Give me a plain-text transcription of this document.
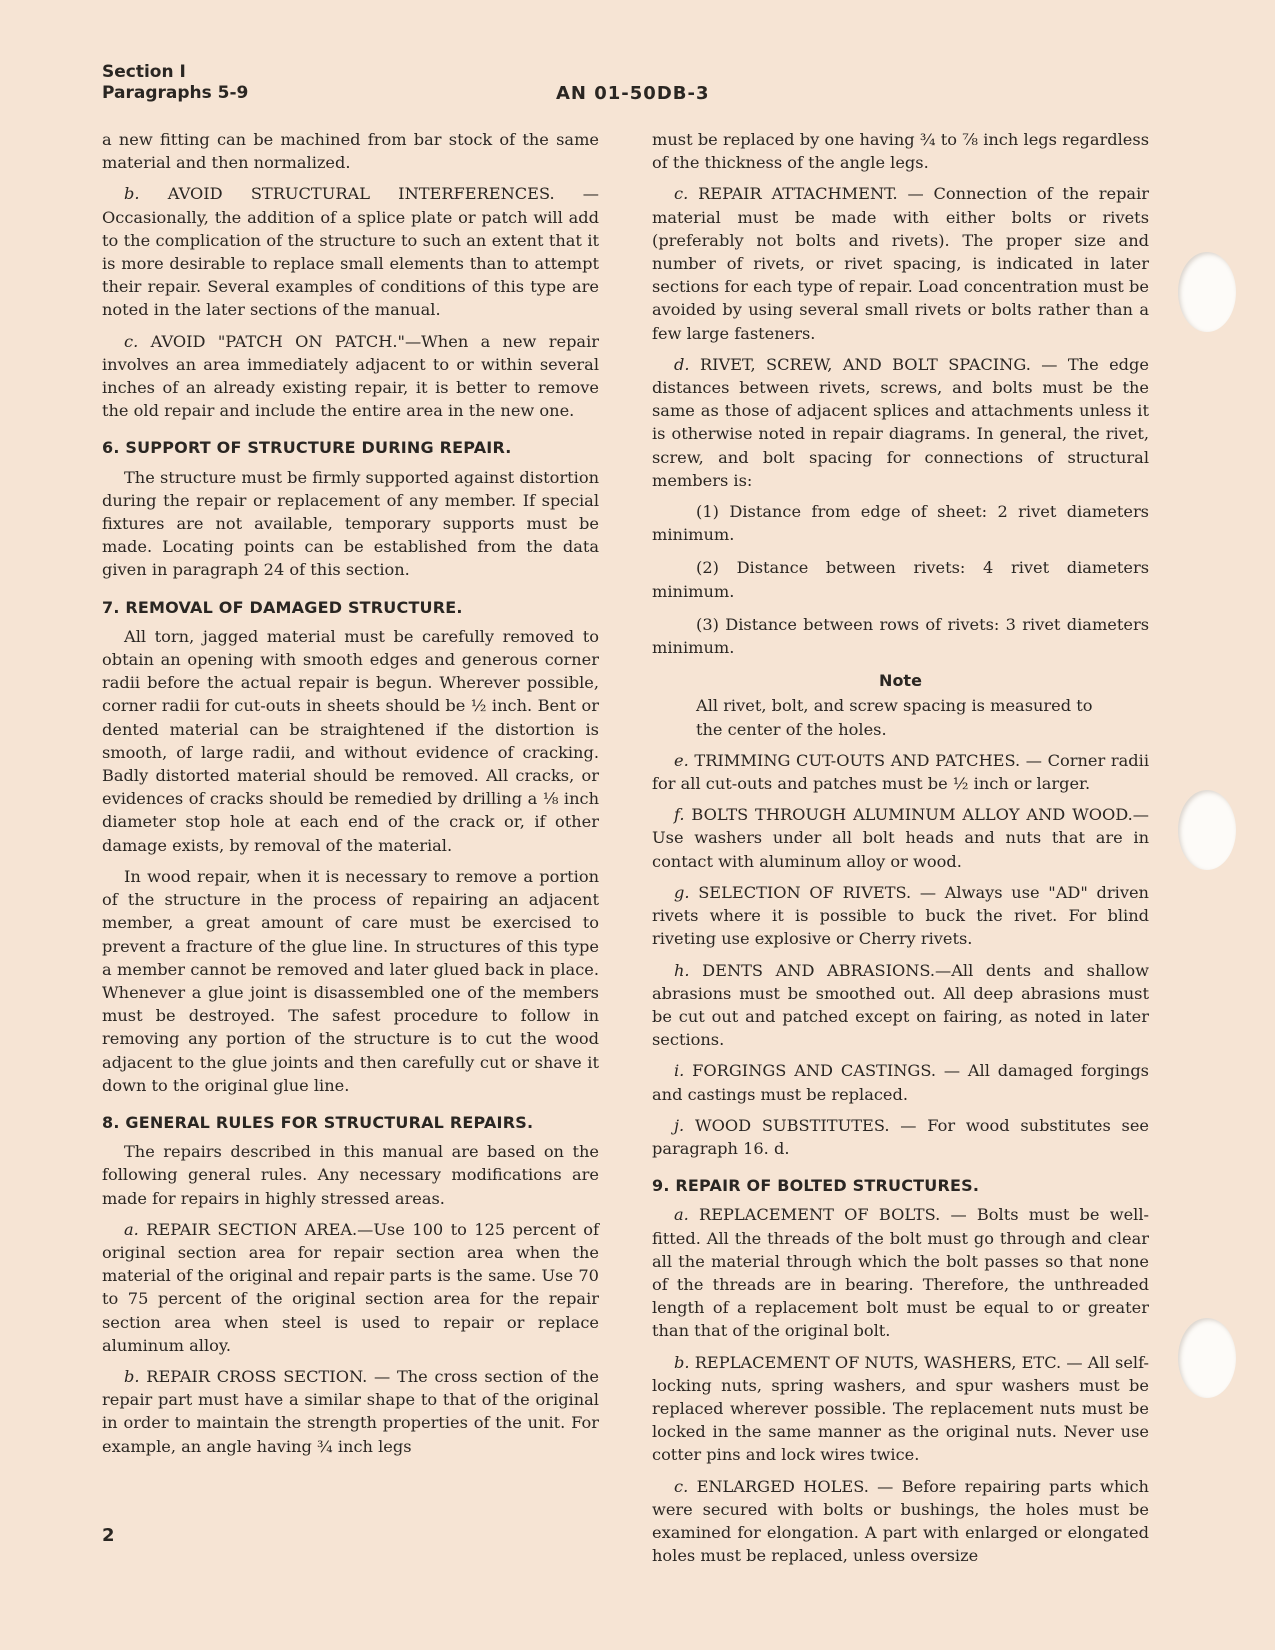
Section I
Paragraphs 5-9	AN 01-50DB-3

a new fitting can be machined from bar stock of the same material and then normalized.

b. AVOID STRUCTURAL INTERFERENCES. — Occasionally, the addition of a splice plate or patch will add to the complication of the structure to such an extent that it is more desirable to replace small elements than to attempt their repair. Several examples of conditions of this type are noted in the later sections of the manual.

c. AVOID "PATCH ON PATCH."—When a new repair involves an area immediately adjacent to or within several inches of an already existing repair, it is better to remove the old repair and include the entire area in the new one.

6. SUPPORT OF STRUCTURE DURING REPAIR.

The structure must be firmly supported against distortion during the repair or replacement of any member. If special fixtures are not available, temporary supports must be made. Locating points can be established from the data given in paragraph 24 of this section.

7. REMOVAL OF DAMAGED STRUCTURE.

All torn, jagged material must be carefully removed to obtain an opening with smooth edges and generous corner radii before the actual repair is begun. Wherever possible, corner radii for cut-outs in sheets should be ½ inch. Bent or dented material can be straightened if the distortion is smooth, of large radii, and without evidence of cracking. Badly distorted material should be removed. All cracks, or evidences of cracks should be remedied by drilling a ⅛ inch diameter stop hole at each end of the crack or, if other damage exists, by removal of the material.

In wood repair, when it is necessary to remove a portion of the structure in the process of repairing an adjacent member, a great amount of care must be exercised to prevent a fracture of the glue line. In structures of this type a member cannot be removed and later glued back in place. Whenever a glue joint is disassembled one of the members must be destroyed. The safest procedure to follow in removing any portion of the structure is to cut the wood adjacent to the glue joints and then carefully cut or shave it down to the original glue line.

8. GENERAL RULES FOR STRUCTURAL REPAIRS.

The repairs described in this manual are based on the following general rules. Any necessary modifications are made for repairs in highly stressed areas.

a. REPAIR SECTION AREA.—Use 100 to 125 percent of original section area for repair section area when the material of the original and repair parts is the same. Use 70 to 75 percent of the original section area for the repair section area when steel is used to repair or replace aluminum alloy.

b. REPAIR CROSS SECTION. — The cross section of the repair part must have a similar shape to that of the original in order to maintain the strength properties of the unit. For example, an angle having ¾ inch legs

must be replaced by one having ¾ to ⅞ inch legs regardless of the thickness of the angle legs.

c. REPAIR ATTACHMENT. — Connection of the repair material must be made with either bolts or rivets (preferably not bolts and rivets). The proper size and number of rivets, or rivet spacing, is indicated in later sections for each type of repair. Load concentration must be avoided by using several small rivets or bolts rather than a few large fasteners.

d. RIVET, SCREW, AND BOLT SPACING. — The edge distances between rivets, screws, and bolts must be the same as those of adjacent splices and attachments unless it is otherwise noted in repair diagrams. In general, the rivet, screw, and bolt spacing for connections of structural members is:

(1) Distance from edge of sheet: 2 rivet diameters minimum.

(2) Distance between rivets: 4 rivet diameters minimum.

(3) Distance between rows of rivets: 3 rivet diameters minimum.

Note

All rivet, bolt, and screw spacing is measured to the center of the holes.

e. TRIMMING CUT-OUTS AND PATCHES. — Corner radii for all cut-outs and patches must be ½ inch or larger.

f. BOLTS THROUGH ALUMINUM ALLOY AND WOOD.—Use washers under all bolt heads and nuts that are in contact with aluminum alloy or wood.

g. SELECTION OF RIVETS. — Always use "AD" driven rivets where it is possible to buck the rivet. For blind riveting use explosive or Cherry rivets.

h. DENTS AND ABRASIONS.—All dents and shallow abrasions must be smoothed out. All deep abrasions must be cut out and patched except on fairing, as noted in later sections.

i. FORGINGS AND CASTINGS. — All damaged forgings and castings must be replaced.

j. WOOD SUBSTITUTES. — For wood substitutes see paragraph 16. d.

9. REPAIR OF BOLTED STRUCTURES.

a. REPLACEMENT OF BOLTS. — Bolts must be well-fitted. All the threads of the bolt must go through and clear all the material through which the bolt passes so that none of the threads are in bearing. Therefore, the unthreaded length of a replacement bolt must be equal to or greater than that of the original bolt.

b. REPLACEMENT OF NUTS, WASHERS, ETC. — All self-locking nuts, spring washers, and spur washers must be replaced wherever possible. The replacement nuts must be locked in the same manner as the original nuts. Never use cotter pins and lock wires twice.

c. ENLARGED HOLES. — Before repairing parts which were secured with bolts or bushings, the holes must be examined for elongation. A part with enlarged or elongated holes must be replaced, unless oversize

2
